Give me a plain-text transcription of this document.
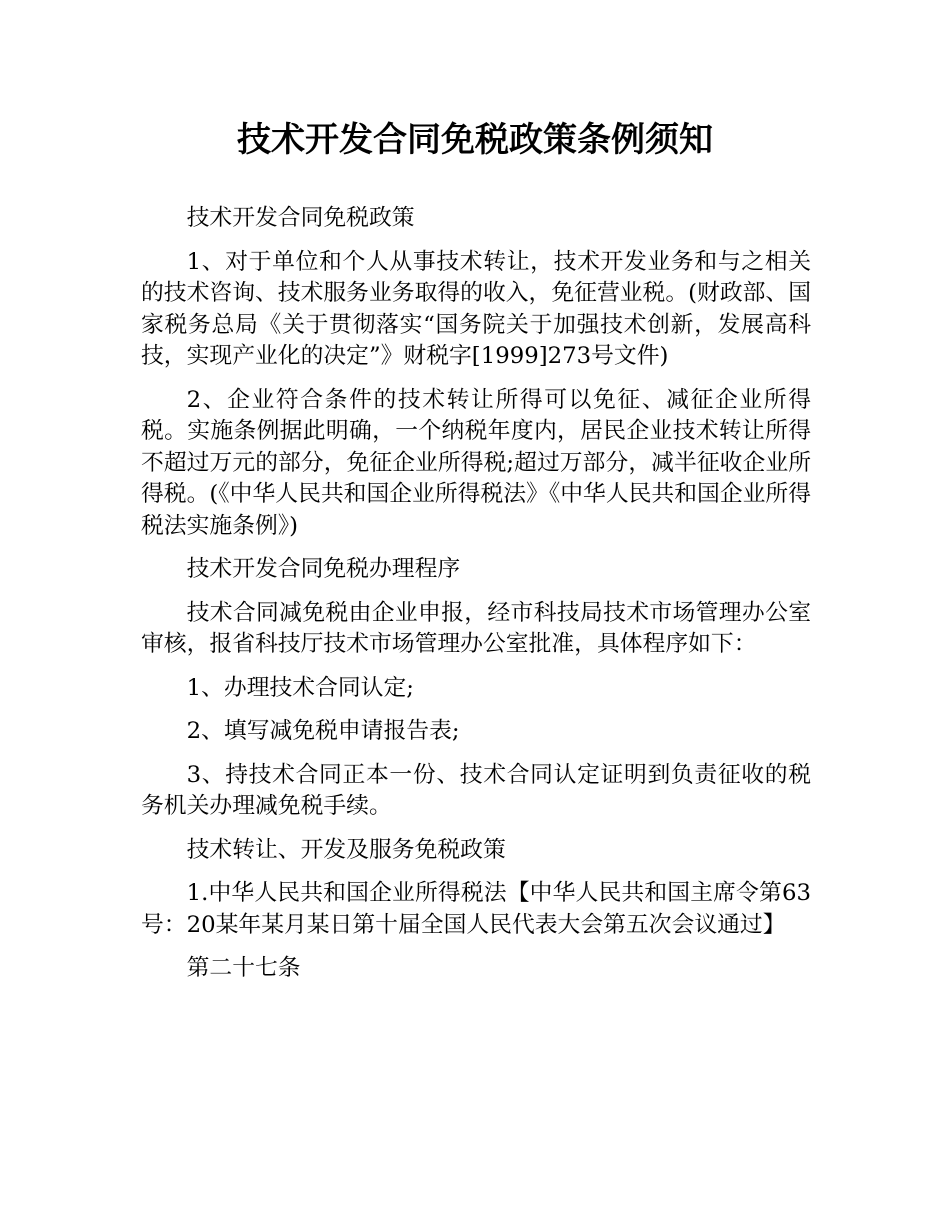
技术开发合同免税政策条例须知

技术开发合同免税政策

1、对于单位和个人从事技术转让，技术开发业务和与之相关的技术咨询、技术服务业务取得的收入，免征营业税。(财政部、国家税务总局《关于贯彻落实“国务院关于加强技术创新，发展高科技，实现产业化的决定”》财税字[1999]273号文件)

2、企业符合条件的技术转让所得可以免征、减征企业所得税。实施条例据此明确，一个纳税年度内，居民企业技术转让所得不超过万元的部分，免征企业所得税;超过万部分，减半征收企业所得税。(《中华人民共和国企业所得税法》《中华人民共和国企业所得税法实施条例》)

技术开发合同免税办理程序

技术合同减免税由企业申报，经市科技局技术市场管理办公室审核，报省科技厅技术市场管理办公室批准，具体程序如下：

1、办理技术合同认定;

2、填写减免税申请报告表;

3、持技术合同正本一份、技术合同认定证明到负责征收的税务机关办理减免税手续。

技术转让、开发及服务免税政策

1.中华人民共和国企业所得税法【中华人民共和国主席令第63号：20某年某月某日第十届全国人民代表大会第五次会议通过】

第二十七条
